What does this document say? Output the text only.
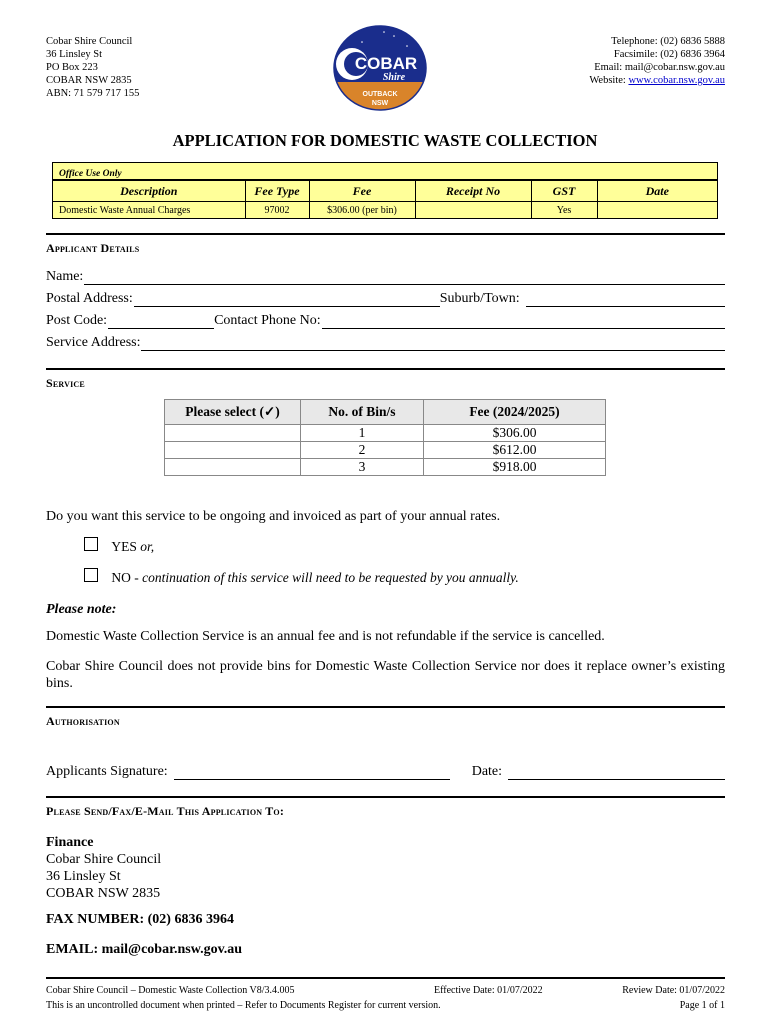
Cobar Shire Council
36 Linsley St
PO Box 223
COBAR NSW 2835
ABN: 71 579 717 155
COBAR
Shire
OUTBACK
NSW
Telephone: (02) 6836 5888
Facsimile: (02) 6836 3964
Email: mail@cobar.nsw.gov.au
Website: www.cobar.nsw.gov.au
APPLICATION FOR DOMESTIC WASTE COLLECTION
Office Use Only
Description	Fee Type	Fee	Receipt No	GST	Date
Domestic Waste Annual Charges	97002	$306.00 (per bin)		Yes	
Applicant Details
Name:
Postal Address:	Suburb/Town:
Post Code:	Contact Phone No:
Service Address:
Service
Please select (✓)	No. of Bin/s	Fee (2024/2025)
	1	$306.00
	2	$612.00
	3	$918.00
Do you want this service to be ongoing and invoiced as part of your annual rates.
YES or,
NO - continuation of this service will need to be requested by you annually.
Please note:
Domestic Waste Collection Service is an annual fee and is not refundable if the service is cancelled.
Cobar Shire Council does not provide bins for Domestic Waste Collection Service nor does it replace owner’s existing bins.
Authorisation
Applicants Signature:	Date:
Please Send/Fax/E-Mail This Application To:
Finance
Cobar Shire Council
36 Linsley St
COBAR NSW 2835
FAX NUMBER: (02) 6836 3964
EMAIL: mail@cobar.nsw.gov.au
Cobar Shire Council – Domestic Waste Collection V8/3.4.005	Effective Date: 01/07/2022	Review Date: 01/07/2022
This is an uncontrolled document when printed – Refer to Documents Register for current version.	Page 1 of 1
